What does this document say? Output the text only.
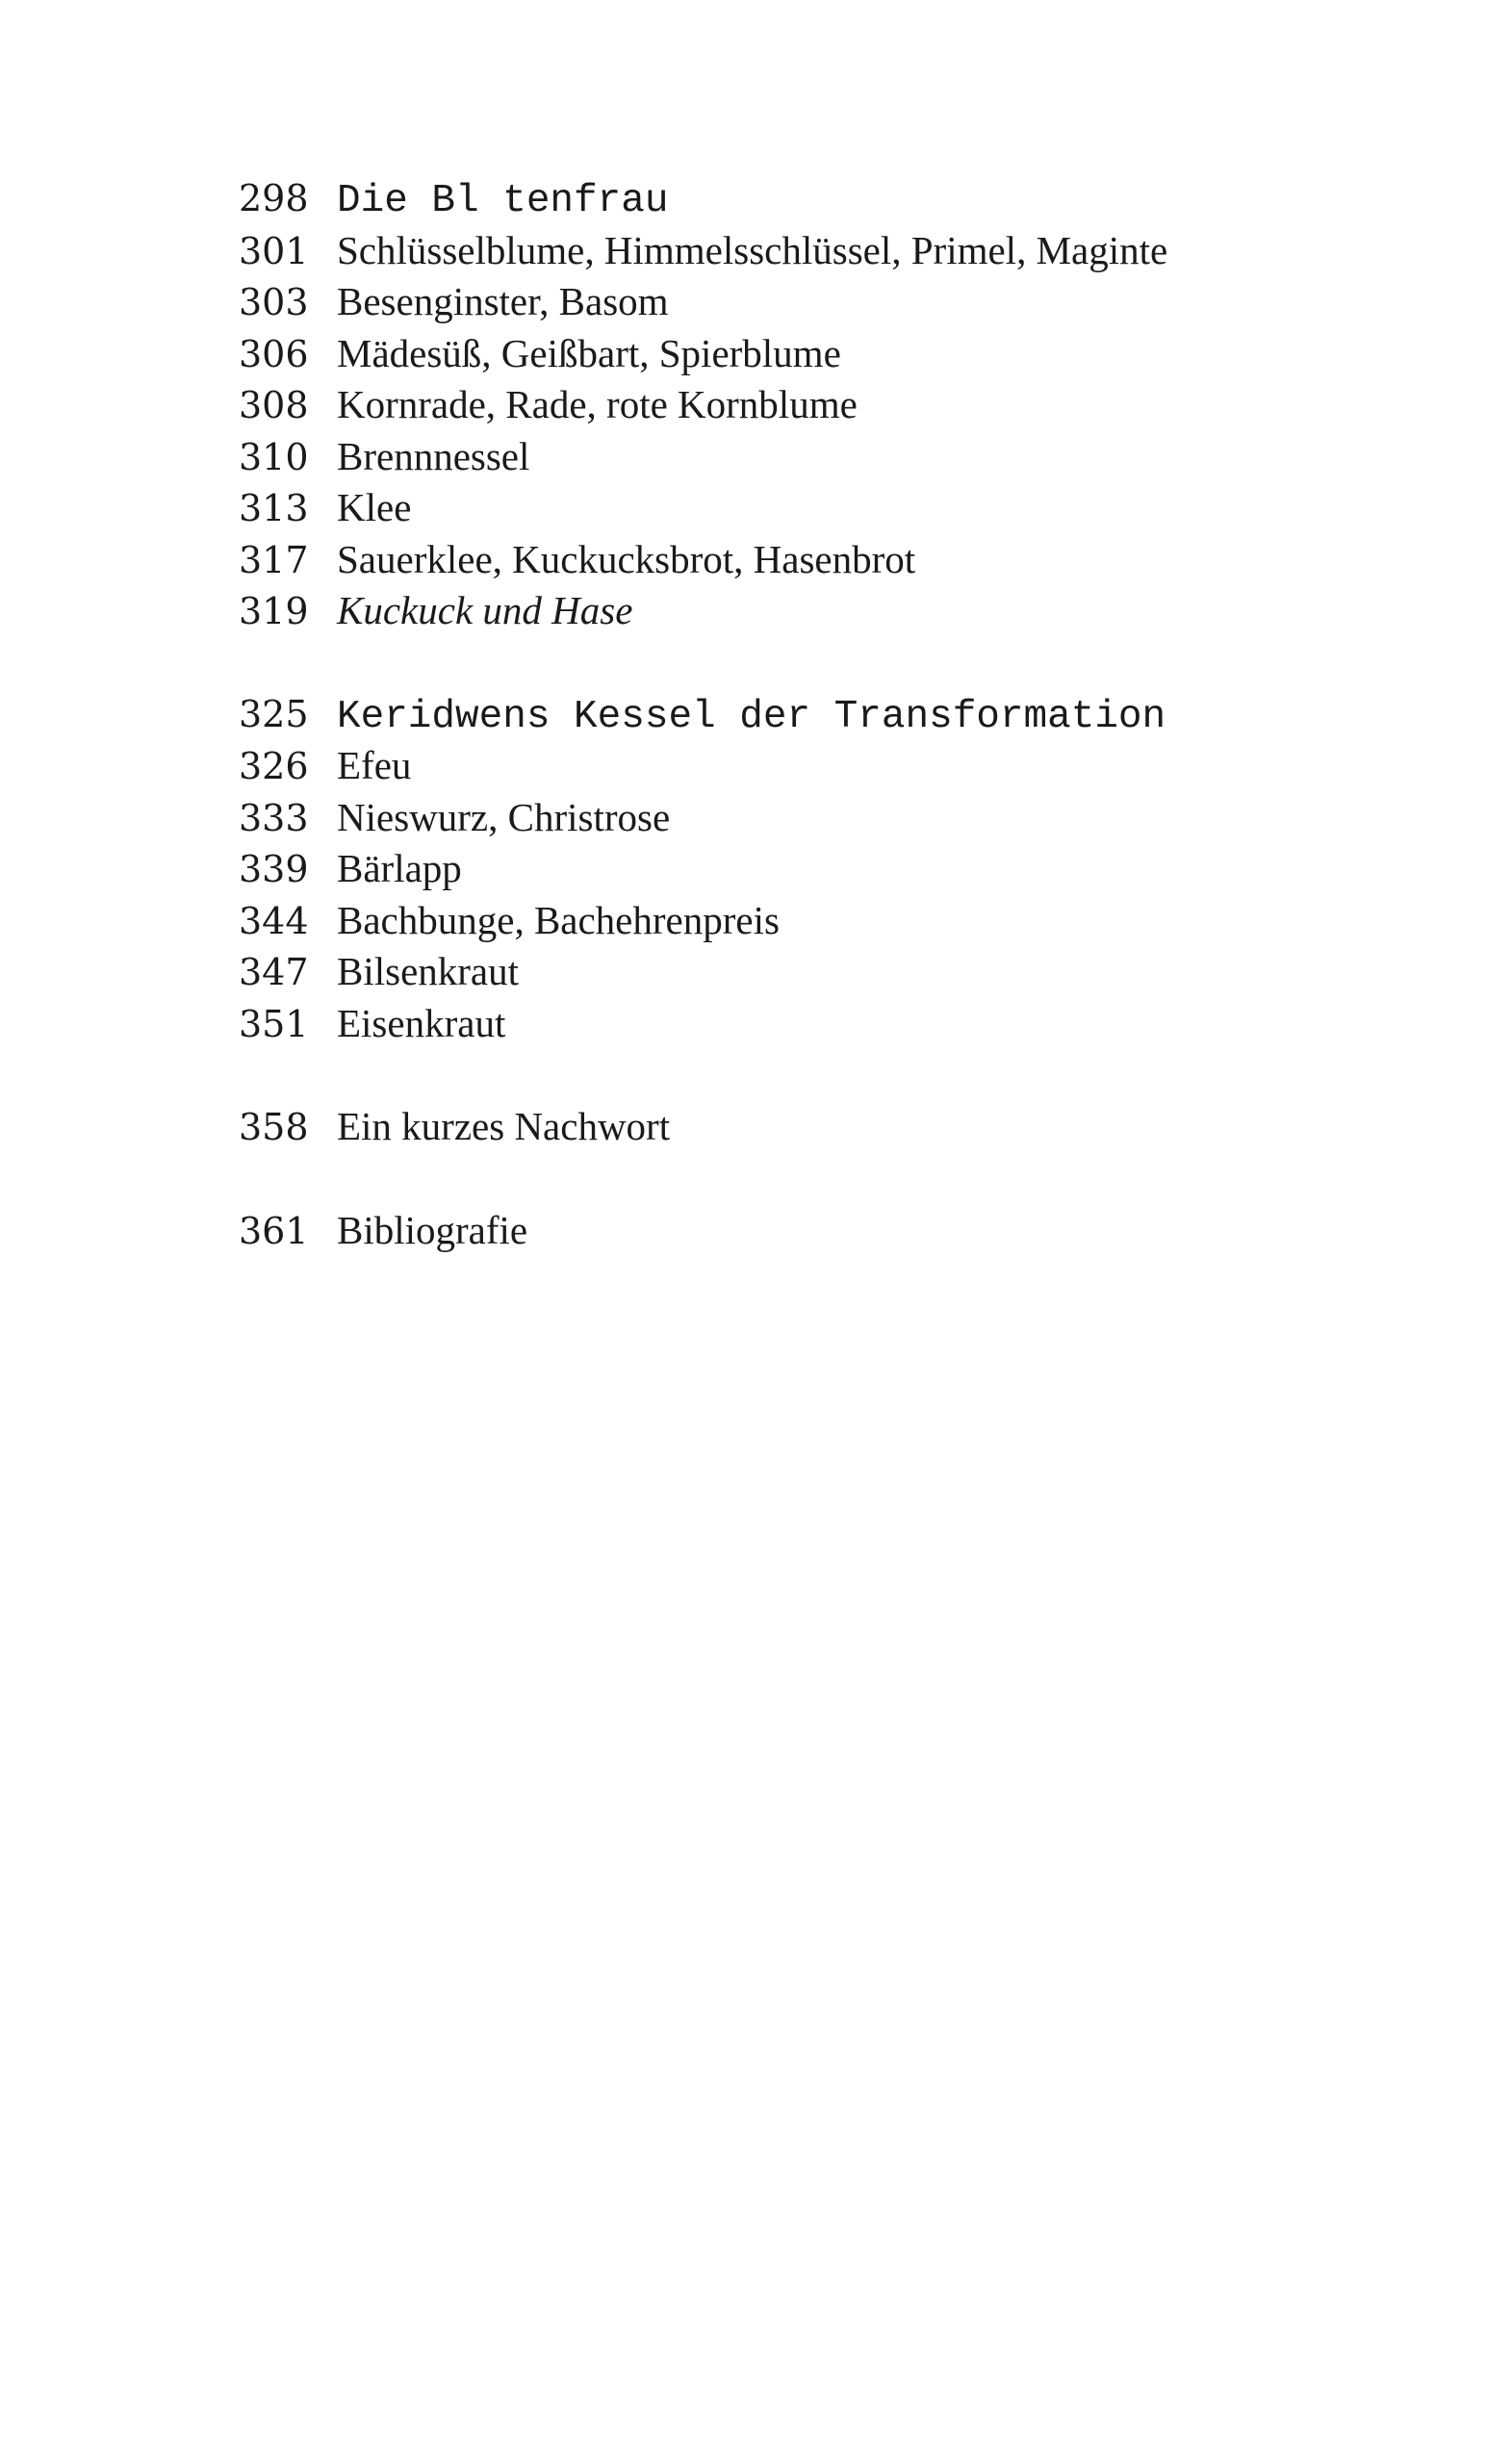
298 Die Bl tenfrau
301 Schlüsselblume, Himmelsschlüssel, Primel, Maginte
303 Besenginster, Basom
306 Mädesüß, Geißbart, Spierblume
308 Kornrade, Rade, rote Kornblume
310 Brennnessel
313 Klee
317 Sauerklee, Kuckucksbrot, Hasenbrot
319 Kuckuck und Hase
325 Keridwens Kessel der Transformation
326 Efeu
333 Nieswurz, Christrose
339 Bärlapp
344 Bachbunge, Bachehrenpreis
347 Bilsenkraut
351 Eisenkraut
358 Ein kurzes Nachwort
361 Bibliografie
